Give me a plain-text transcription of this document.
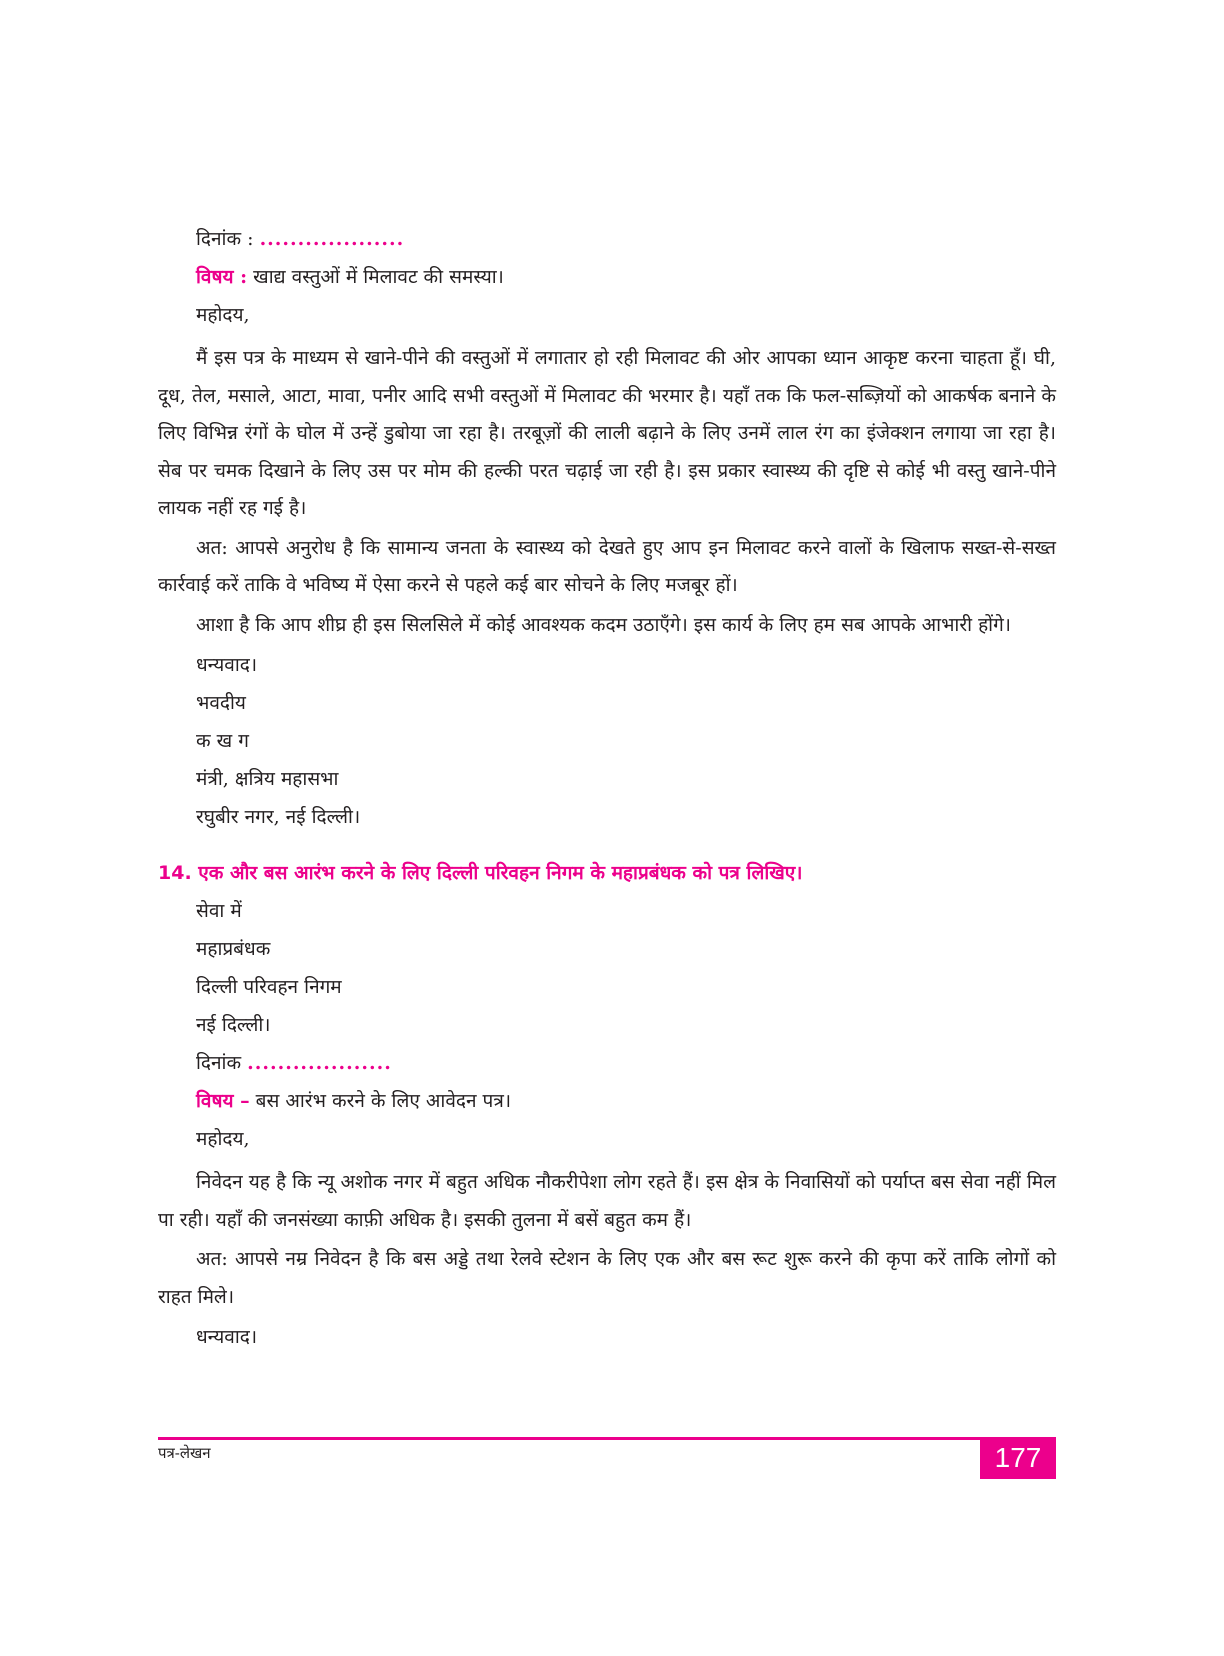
दिनांक : ...................
विषय : खाद्य वस्तुओं में मिलावट की समस्या।
महोदय,

मैं इस पत्र के माध्यम से खाने-पीने की वस्तुओं में लगातार हो रही मिलावट की ओर आपका ध्यान आकृष्ट करना चाहता हूँ। घी, दूध, तेल, मसाले, आटा, मावा, पनीर आदि सभी वस्तुओं में मिलावट की भरमार है। यहाँ तक कि फल-सब्ज़ियों को आकर्षक बनाने के लिए विभिन्न रंगों के घोल में उन्हें डुबोया जा रहा है। तरबूज़ों की लाली बढ़ाने के लिए उनमें लाल रंग का इंजेक्शन लगाया जा रहा है। सेब पर चमक दिखाने के लिए उस पर मोम की हल्की परत चढ़ाई जा रही है। इस प्रकार स्वास्थ्य की दृष्टि से कोई भी वस्तु खाने-पीने लायक नहीं रह गई है।

अत: आपसे अनुरोध है कि सामान्य जनता के स्वास्थ्य को देखते हुए आप इन मिलावट करने वालों के खिलाफ सख्त-से-सख्त कार्रवाई करें ताकि वे भविष्य में ऐसा करने से पहले कई बार सोचने के लिए मजबूर हों।

आशा है कि आप शीघ्र ही इस सिलसिले में कोई आवश्यक कदम उठाएँगे। इस कार्य के लिए हम सब आपके आभारी होंगे।

धन्यवाद।
भवदीय
क ख ग
मंत्री, क्षत्रिय महासभा
रघुबीर नगर, नई दिल्ली।
14. एक और बस आरंभ करने के लिए दिल्ली परिवहन निगम के महाप्रबंधक को पत्र लिखिए।
सेवा में
महाप्रबंधक
दिल्ली परिवहन निगम
नई दिल्ली।
दिनांक ...................
विषय – बस आरंभ करने के लिए आवेदन पत्र।
महोदय,

निवेदन यह है कि न्यू अशोक नगर में बहुत अधिक नौकरीपेशा लोग रहते हैं। इस क्षेत्र के निवासियों को पर्याप्त बस सेवा नहीं मिल पा रही। यहाँ की जनसंख्या काफ़ी अधिक है। इसकी तुलना में बसें बहुत कम हैं।

अत: आपसे नम्र निवेदन है कि बस अड्डे तथा रेलवे स्टेशन के लिए एक और बस रूट शुरू करने की कृपा करें ताकि लोगों को राहत मिले।

धन्यवाद।
पत्र-लेखन	177
